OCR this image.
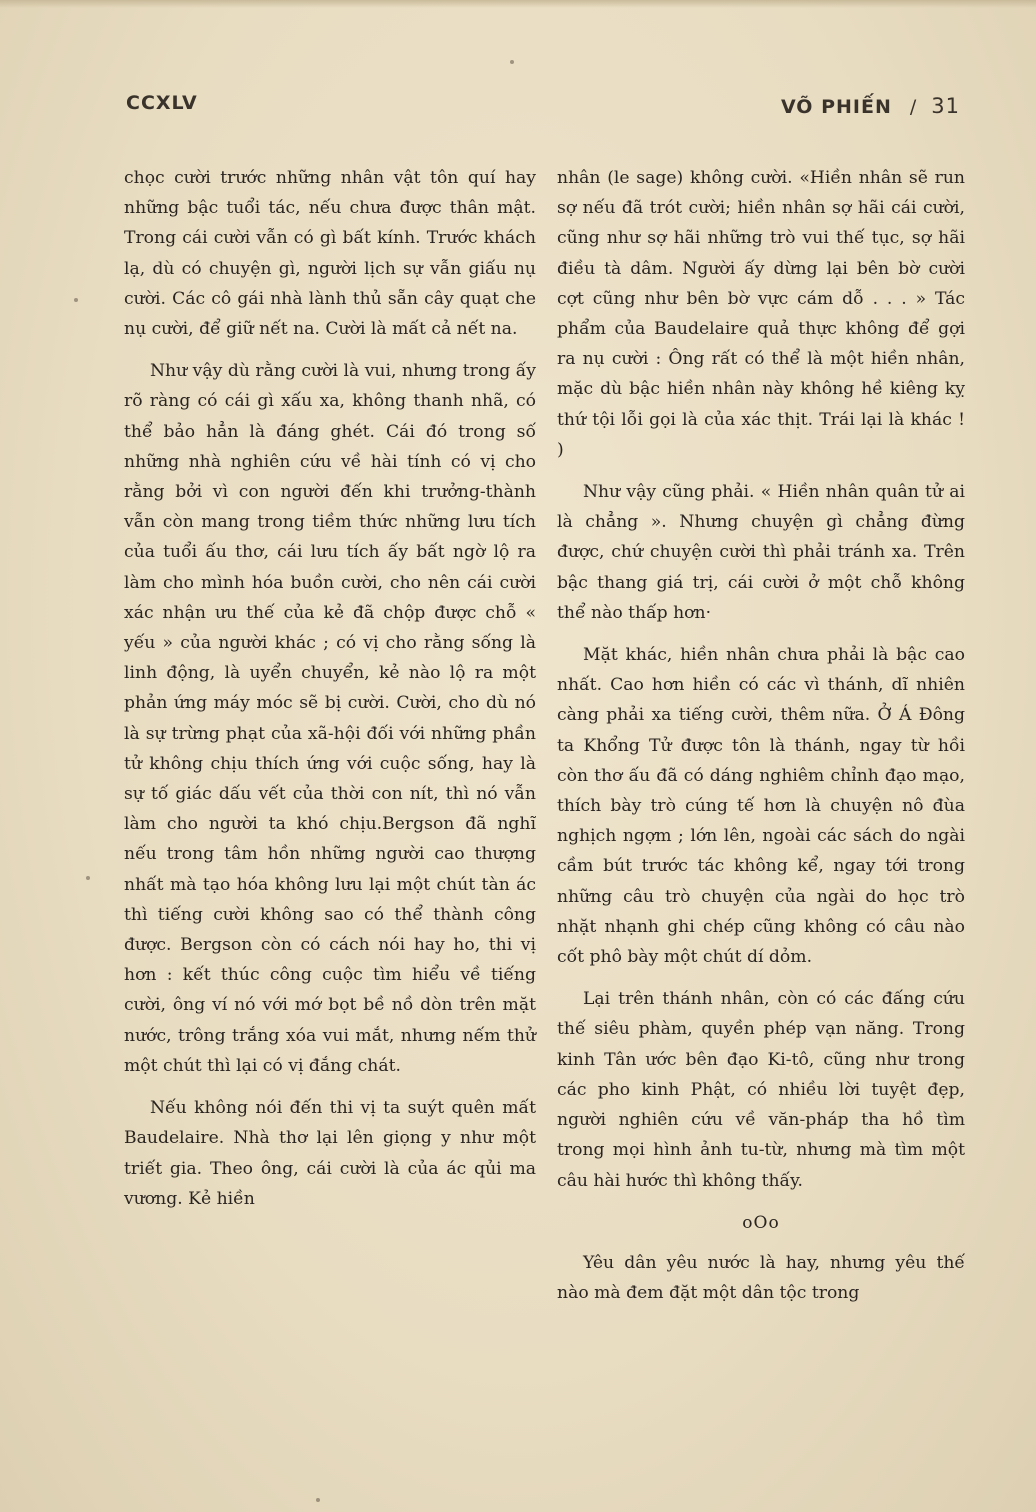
CCXLV	VÕ PHIẾN / 31

chọc cười trước những nhân vật tôn quí hay những bậc tuổi tác, nếu chưa được thân mật. Trong cái cười vẫn có gì bất kính. Trước khách lạ, dù có chuyện gì, người lịch sự vẫn giấu nụ cười. Các cô gái nhà lành thủ sẵn cây quạt che nụ cười, để giữ nết na. Cười là mất cả nết na.

Như vậy dù rằng cười là vui, nhưng trong ấy rõ ràng có cái gì xấu xa, không thanh nhã, có thể bảo hẳn là đáng ghét. Cái đó trong số những nhà nghiên cứu về hài tính có vị cho rằng bởi vì con người đến khi trưởng-thành vẫn còn mang trong tiềm thức những lưu tích của tuổi ấu thơ, cái lưu tích ấy bất ngờ lộ ra làm cho mình hóa buồn cười, cho nên cái cười xác nhận ưu thế của kẻ đã chộp được chỗ « yếu » của người khác ; có vị cho rằng sống là linh động, là uyển chuyển, kẻ nào lộ ra một phản ứng máy móc sẽ bị cười. Cười, cho dù nó là sự trừng phạt của xã-hội đối với những phần tử không chịu thích ứng với cuộc sống, hay là sự tố giác dấu vết của thời con nít, thì nó vẫn làm cho người ta khó chịu.Bergson đã nghĩ nếu trong tâm hồn những người cao thượng nhất mà tạo hóa không lưu lại một chút tàn ác thì tiếng cười không sao có thể thành công được. Bergson còn có cách nói hay ho, thi vị hơn : kết thúc công cuộc tìm hiểu về tiếng cười, ông ví nó với mớ bọt bề nồ dòn trên mặt nước, trông trắng xóa vui mắt, nhưng nếm thử một chút thì lại có vị đắng chát.

Nếu không nói đến thi vị ta suýt quên mất Baudelaire. Nhà thơ lại lên giọng y như một triết gia. Theo ông, cái cười là của ác qủi ma vương. Kẻ hiền

nhân (le sage) không cười. «Hiền nhân sẽ run sợ nếu đã trót cười; hiền nhân sợ hãi cái cười, cũng như sợ hãi những trò vui thế tục, sợ hãi điều tà dâm. Người ấy dừng lại bên bờ cười cợt cũng như bên bờ vực cám dỗ . . . » Tác phẩm của Baudelaire quả thực không để gợi ra nụ cười : Ông rất có thể là một hiền nhân, mặc dù bậc hiền nhân này không hề kiêng kỵ thứ tội lỗi gọi là của xác thịt. Trái lại là khác ! )

Như vậy cũng phải. « Hiền nhân quân tử ai là chẳng ». Nhưng chuyện gì chẳng đừng được, chứ chuyện cười thì phải tránh xa. Trên bậc thang giá trị, cái cười ở một chỗ không thể nào thấp hơn·

Mặt khác, hiền nhân chưa phải là bậc cao nhất. Cao hơn hiền có các vì thánh, dĩ nhiên càng phải xa tiếng cười, thêm nữa. Ở Á Đông ta Khổng Tử được tôn là thánh, ngay từ hồi còn thơ ấu đã có dáng nghiêm chỉnh đạo mạo, thích bày trò cúng tế hơn là chuyện nô đùa nghịch ngợm ; lớn lên, ngoài các sách do ngài cầm bút trước tác không kể, ngay tới trong những câu trò chuyện của ngài do học trò nhặt nhạnh ghi chép cũng không có câu nào cốt phô bày một chút dí dỏm.

Lại trên thánh nhân, còn có các đấng cứu thế siêu phàm, quyền phép vạn năng. Trong kinh Tân ước bên đạo Ki-tô, cũng như trong các pho kinh Phật, có nhiều lời tuyệt đẹp, người nghiên cứu về văn-pháp tha hồ tìm trong mọi hình ảnh tu-từ, nhưng mà tìm một câu hài hước thì không thấy.

oOo

Yêu dân yêu nước là hay, nhưng yêu thế nào mà đem đặt một dân tộc trong
